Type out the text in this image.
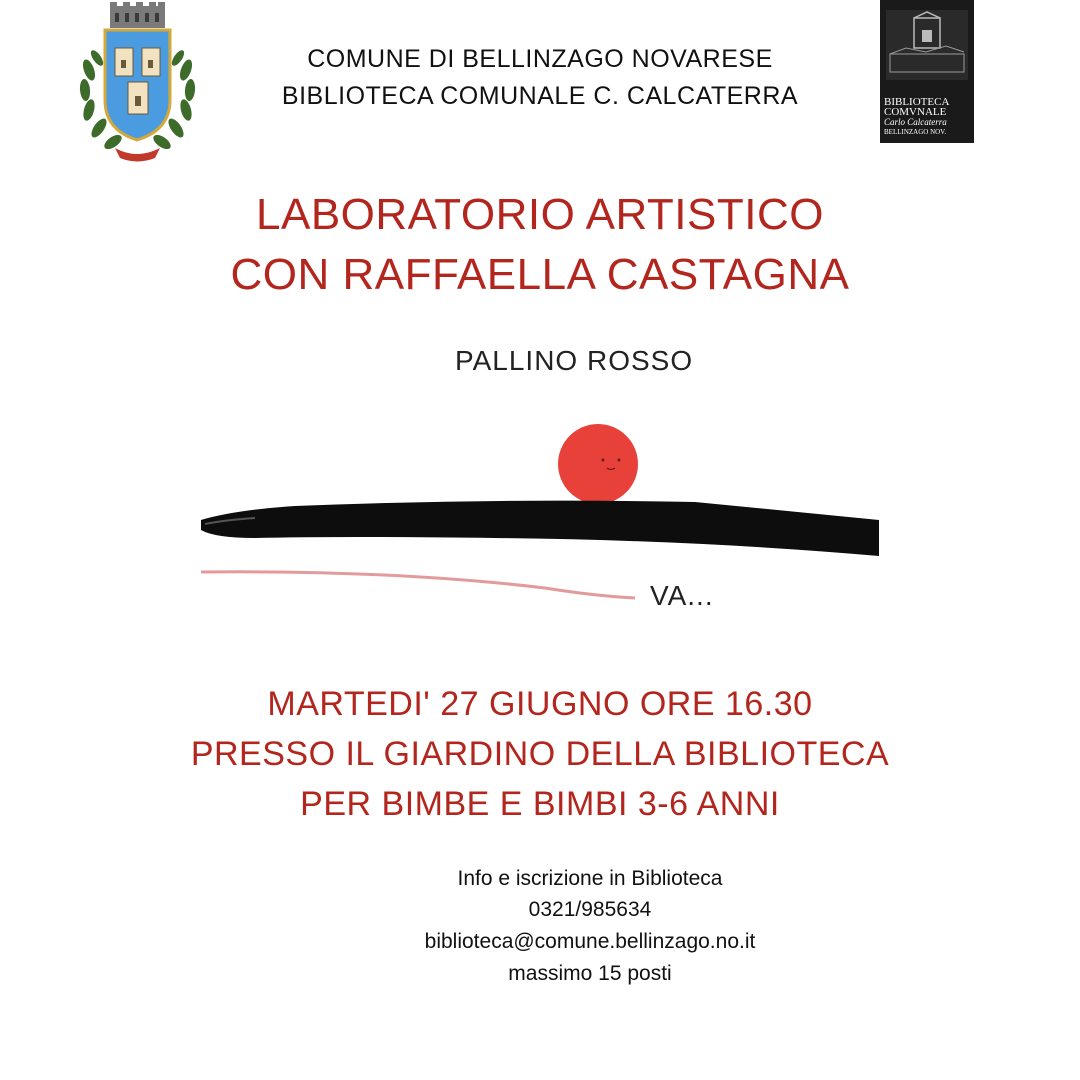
COMUNE DI BELLINZAGO NOVARESE
BIBLIOTECA COMUNALE C. CALCATERRA	BIBLIOTECA
COMVNALE
Carlo Calcaterra
BELLINZAGO NOV.
LABORATORIO ARTISTICO
CON RAFFAELLA CASTAGNA
PALLINO ROSSO
VA...
MARTEDI' 27 GIUGNO ORE 16.30
PRESSO IL GIARDINO DELLA BIBLIOTECA
PER BIMBE E BIMBI 3-6 ANNI
Info e iscrizione in Biblioteca
0321/985634
biblioteca@comune.bellinzago.no.it
massimo 15 posti
